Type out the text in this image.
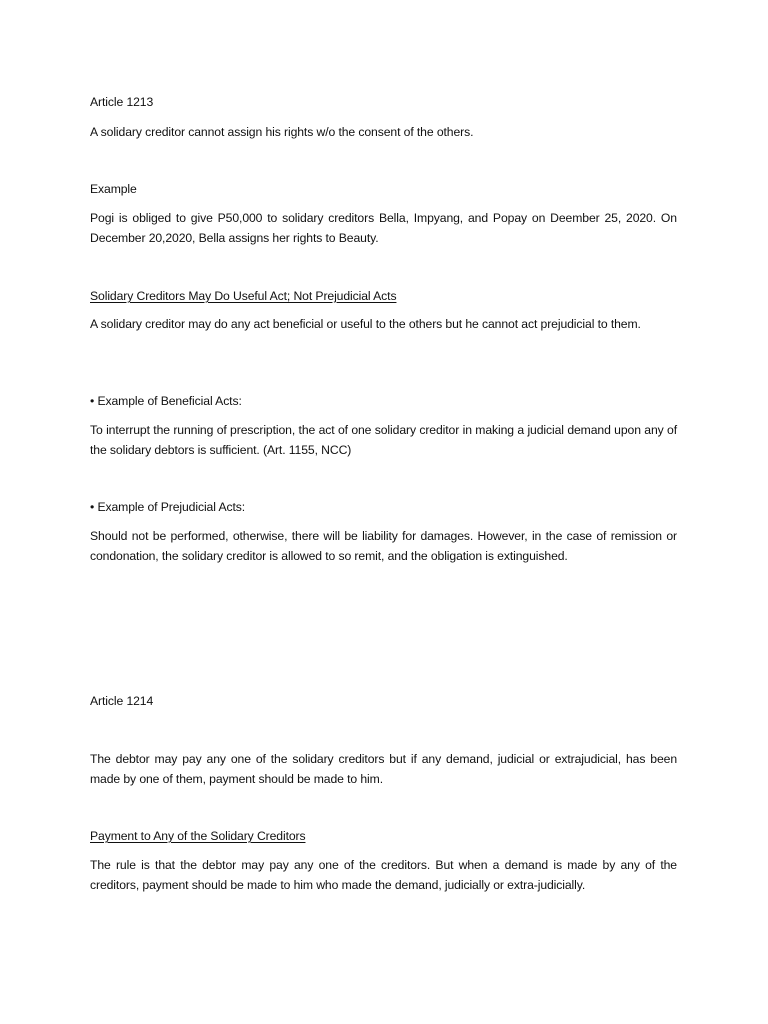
Article 1213

A solidary creditor cannot assign his rights w/o the consent of the others.

Example

Pogi is obliged to give P50,000 to solidary creditors Bella, Impyang, and Popay on Deember 25, 2020. On December 20,2020, Bella assigns her rights to Beauty.

Solidary Creditors May Do Useful Act; Not Prejudicial Acts

A solidary creditor may do any act beneficial or useful to the others but he cannot act prejudicial to them.

• Example of Beneficial Acts:

To interrupt the running of prescription, the act of one solidary creditor in making a judicial demand upon any of the solidary debtors is sufficient. (Art. 1155, NCC)

• Example of Prejudicial Acts:

Should not be performed, otherwise, there will be liability for damages. However, in the case of remission or condonation, the solidary creditor is allowed to so remit, and the obligation is extinguished.

Article 1214

The debtor may pay any one of the solidary creditors but if any demand, judicial or extrajudicial, has been made by one of them, payment should be made to him.

Payment to Any of the Solidary Creditors

The rule is that the debtor may pay any one of the creditors. But when a demand is made by any of the creditors, payment should be made to him who made the demand, judicially or extra-judicially.
